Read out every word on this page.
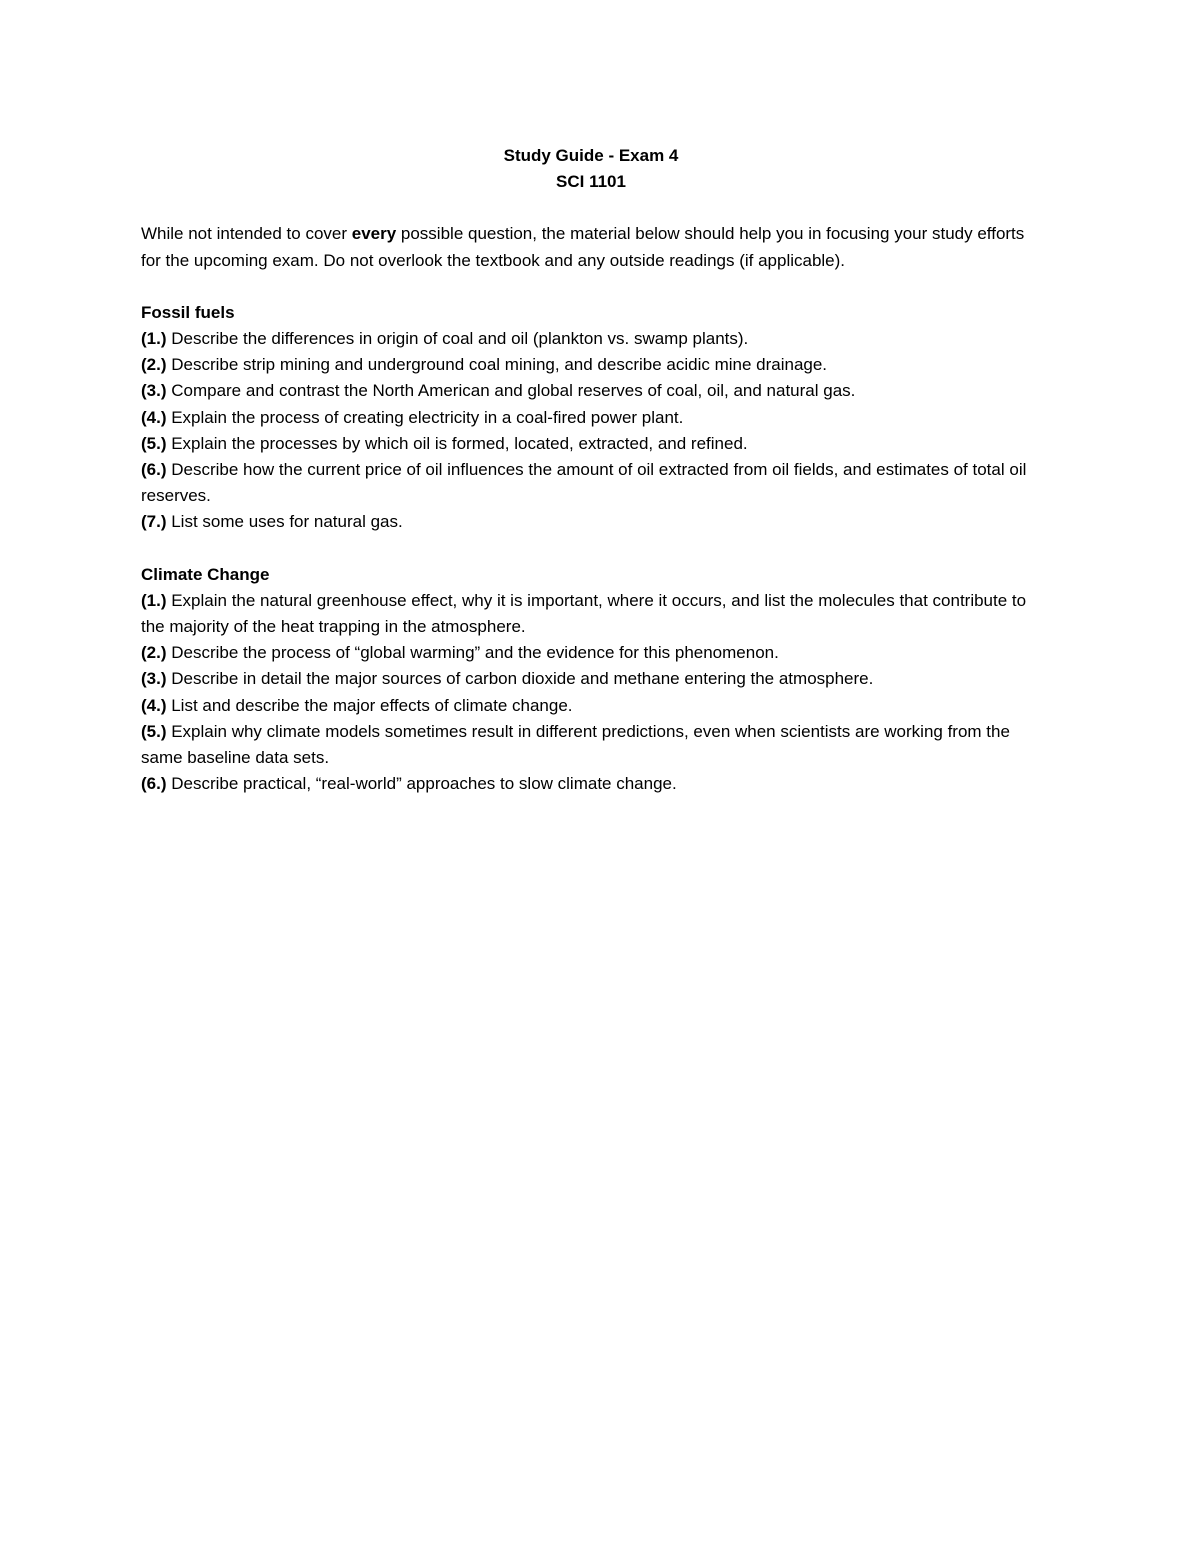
Study Guide - Exam 4
SCI 1101
While not intended to cover every possible question, the material below should help you in focusing your study efforts for the upcoming exam. Do not overlook the textbook and any outside readings (if applicable).
Fossil fuels
(1.) Describe the differences in origin of coal and oil (plankton vs. swamp plants).
(2.) Describe strip mining and underground coal mining, and describe acidic mine drainage.
(3.) Compare and contrast the North American and global reserves of coal, oil, and natural gas.
(4.) Explain the process of creating electricity in a coal-fired power plant.
(5.) Explain the processes by which oil is formed, located, extracted, and refined.
(6.) Describe how the current price of oil influences the amount of oil extracted from oil fields, and estimates of total oil reserves.
(7.) List some uses for natural gas.
Climate Change
(1.) Explain the natural greenhouse effect, why it is important, where it occurs, and list the molecules that contribute to the majority of the heat trapping in the atmosphere.
(2.) Describe the process of “global warming” and the evidence for this phenomenon.
(3.) Describe in detail the major sources of carbon dioxide and methane entering the atmosphere.
(4.) List and describe the major effects of climate change.
(5.) Explain why climate models sometimes result in different predictions, even when scientists are working from the same baseline data sets.
(6.) Describe practical, “real-world” approaches to slow climate change.
